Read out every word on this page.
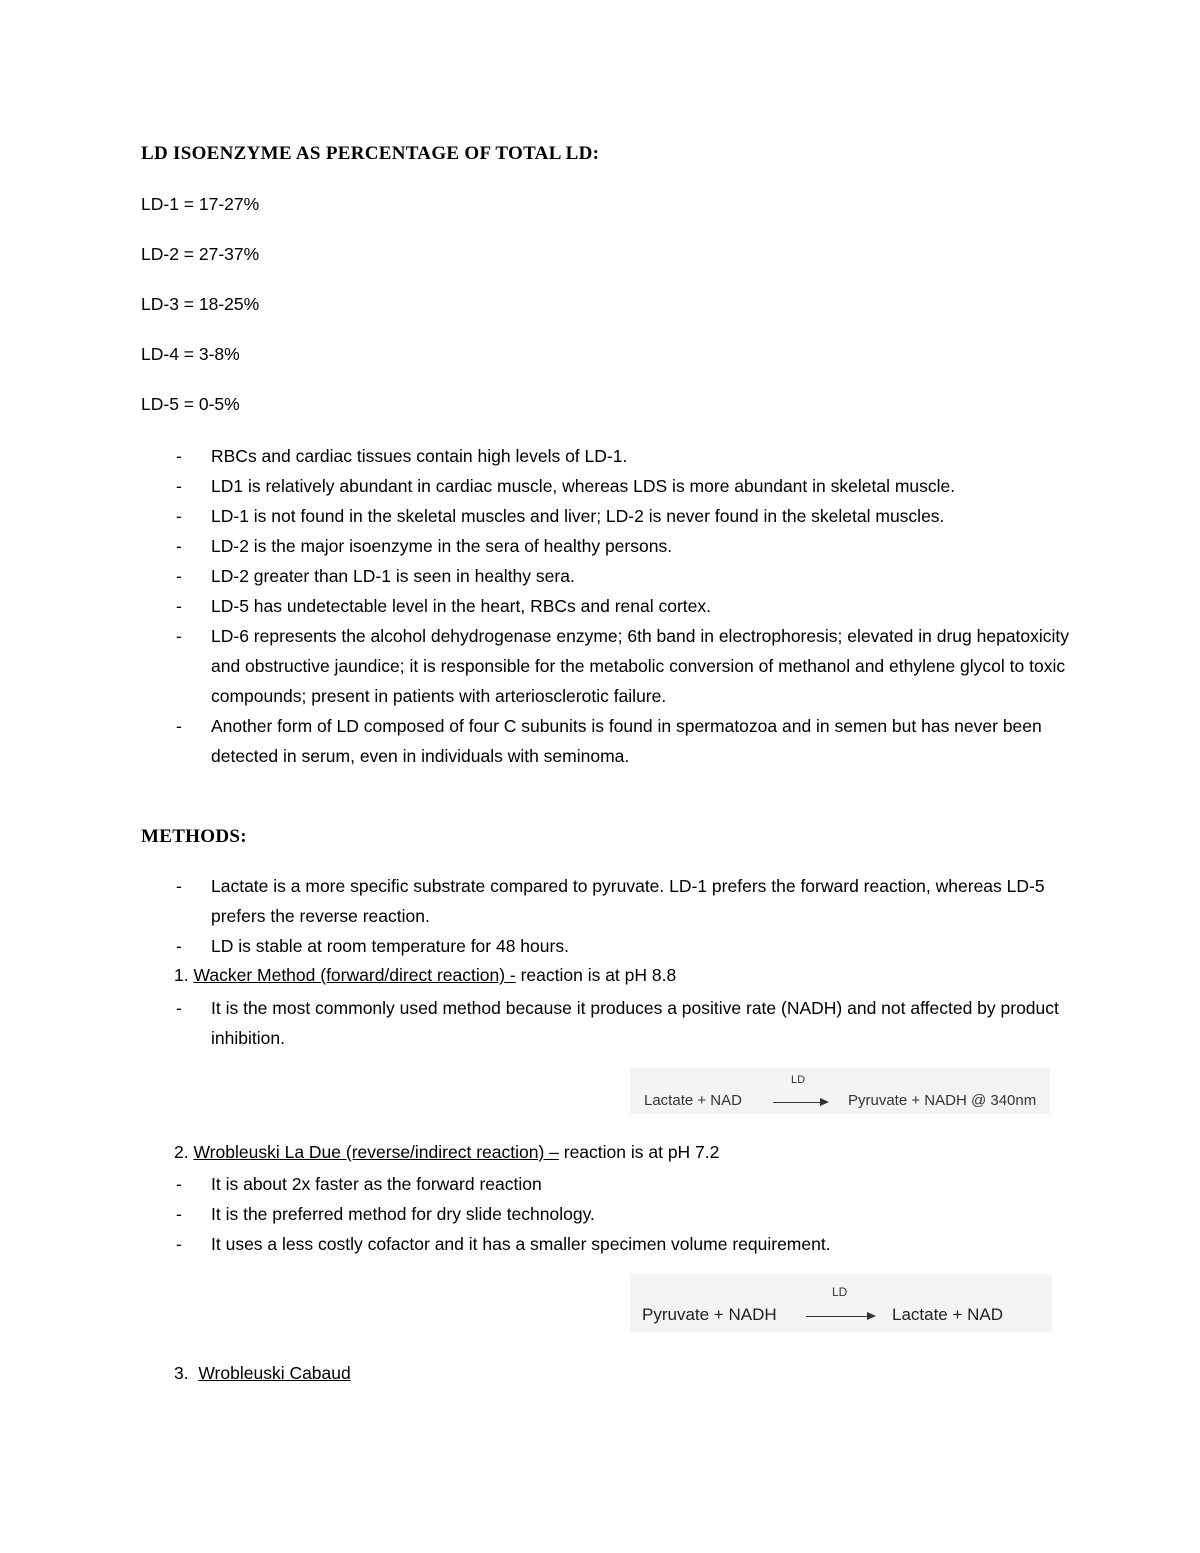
LD ISOENZYME AS PERCENTAGE OF TOTAL LD:
LD-1 = 17-27%
LD-2 = 27-37%
LD-3 = 18-25%
LD-4 = 3-8%
LD-5 = 0-5%
- RBCs and cardiac tissues contain high levels of LD-1.
- LD1 is relatively abundant in cardiac muscle, whereas LDS is more abundant in skeletal muscle.
- LD-1 is not found in the skeletal muscles and liver; LD-2 is never found in the skeletal muscles.
- LD-2 is the major isoenzyme in the sera of healthy persons.
- LD-2 greater than LD-1 is seen in healthy sera.
- LD-5 has undetectable level in the heart, RBCs and renal cortex.
- LD-6 represents the alcohol dehydrogenase enzyme; 6th band in electrophoresis; elevated in drug hepatoxicity and obstructive jaundice; it is responsible for the metabolic conversion of methanol and ethylene glycol to toxic compounds; present in patients with arteriosclerotic failure.
- Another form of LD composed of four C subunits is found in spermatozoa and in semen but has never been detected in serum, even in individuals with seminoma.
METHODS:
- Lactate is a more specific substrate compared to pyruvate. LD-1 prefers the forward reaction, whereas LD-5 prefers the reverse reaction.
- LD is stable at room temperature for 48 hours.
1. Wacker Method (forward/direct reaction) - reaction is at pH 8.8
- It is the most commonly used method because it produces a positive rate (NADH) and not affected by product inhibition.
LD
Lactate + NAD	Pyruvate + NADH @ 340nm
2. Wrobleuski La Due (reverse/indirect reaction) – reaction is at pH 7.2
- It is about 2x faster as the forward reaction
- It is the preferred method for dry slide technology.
- It uses a less costly cofactor and it has a smaller specimen volume requirement.
LD
Pyruvate + NADH	Lactate + NAD
3. Wrobleuski Cabaud
